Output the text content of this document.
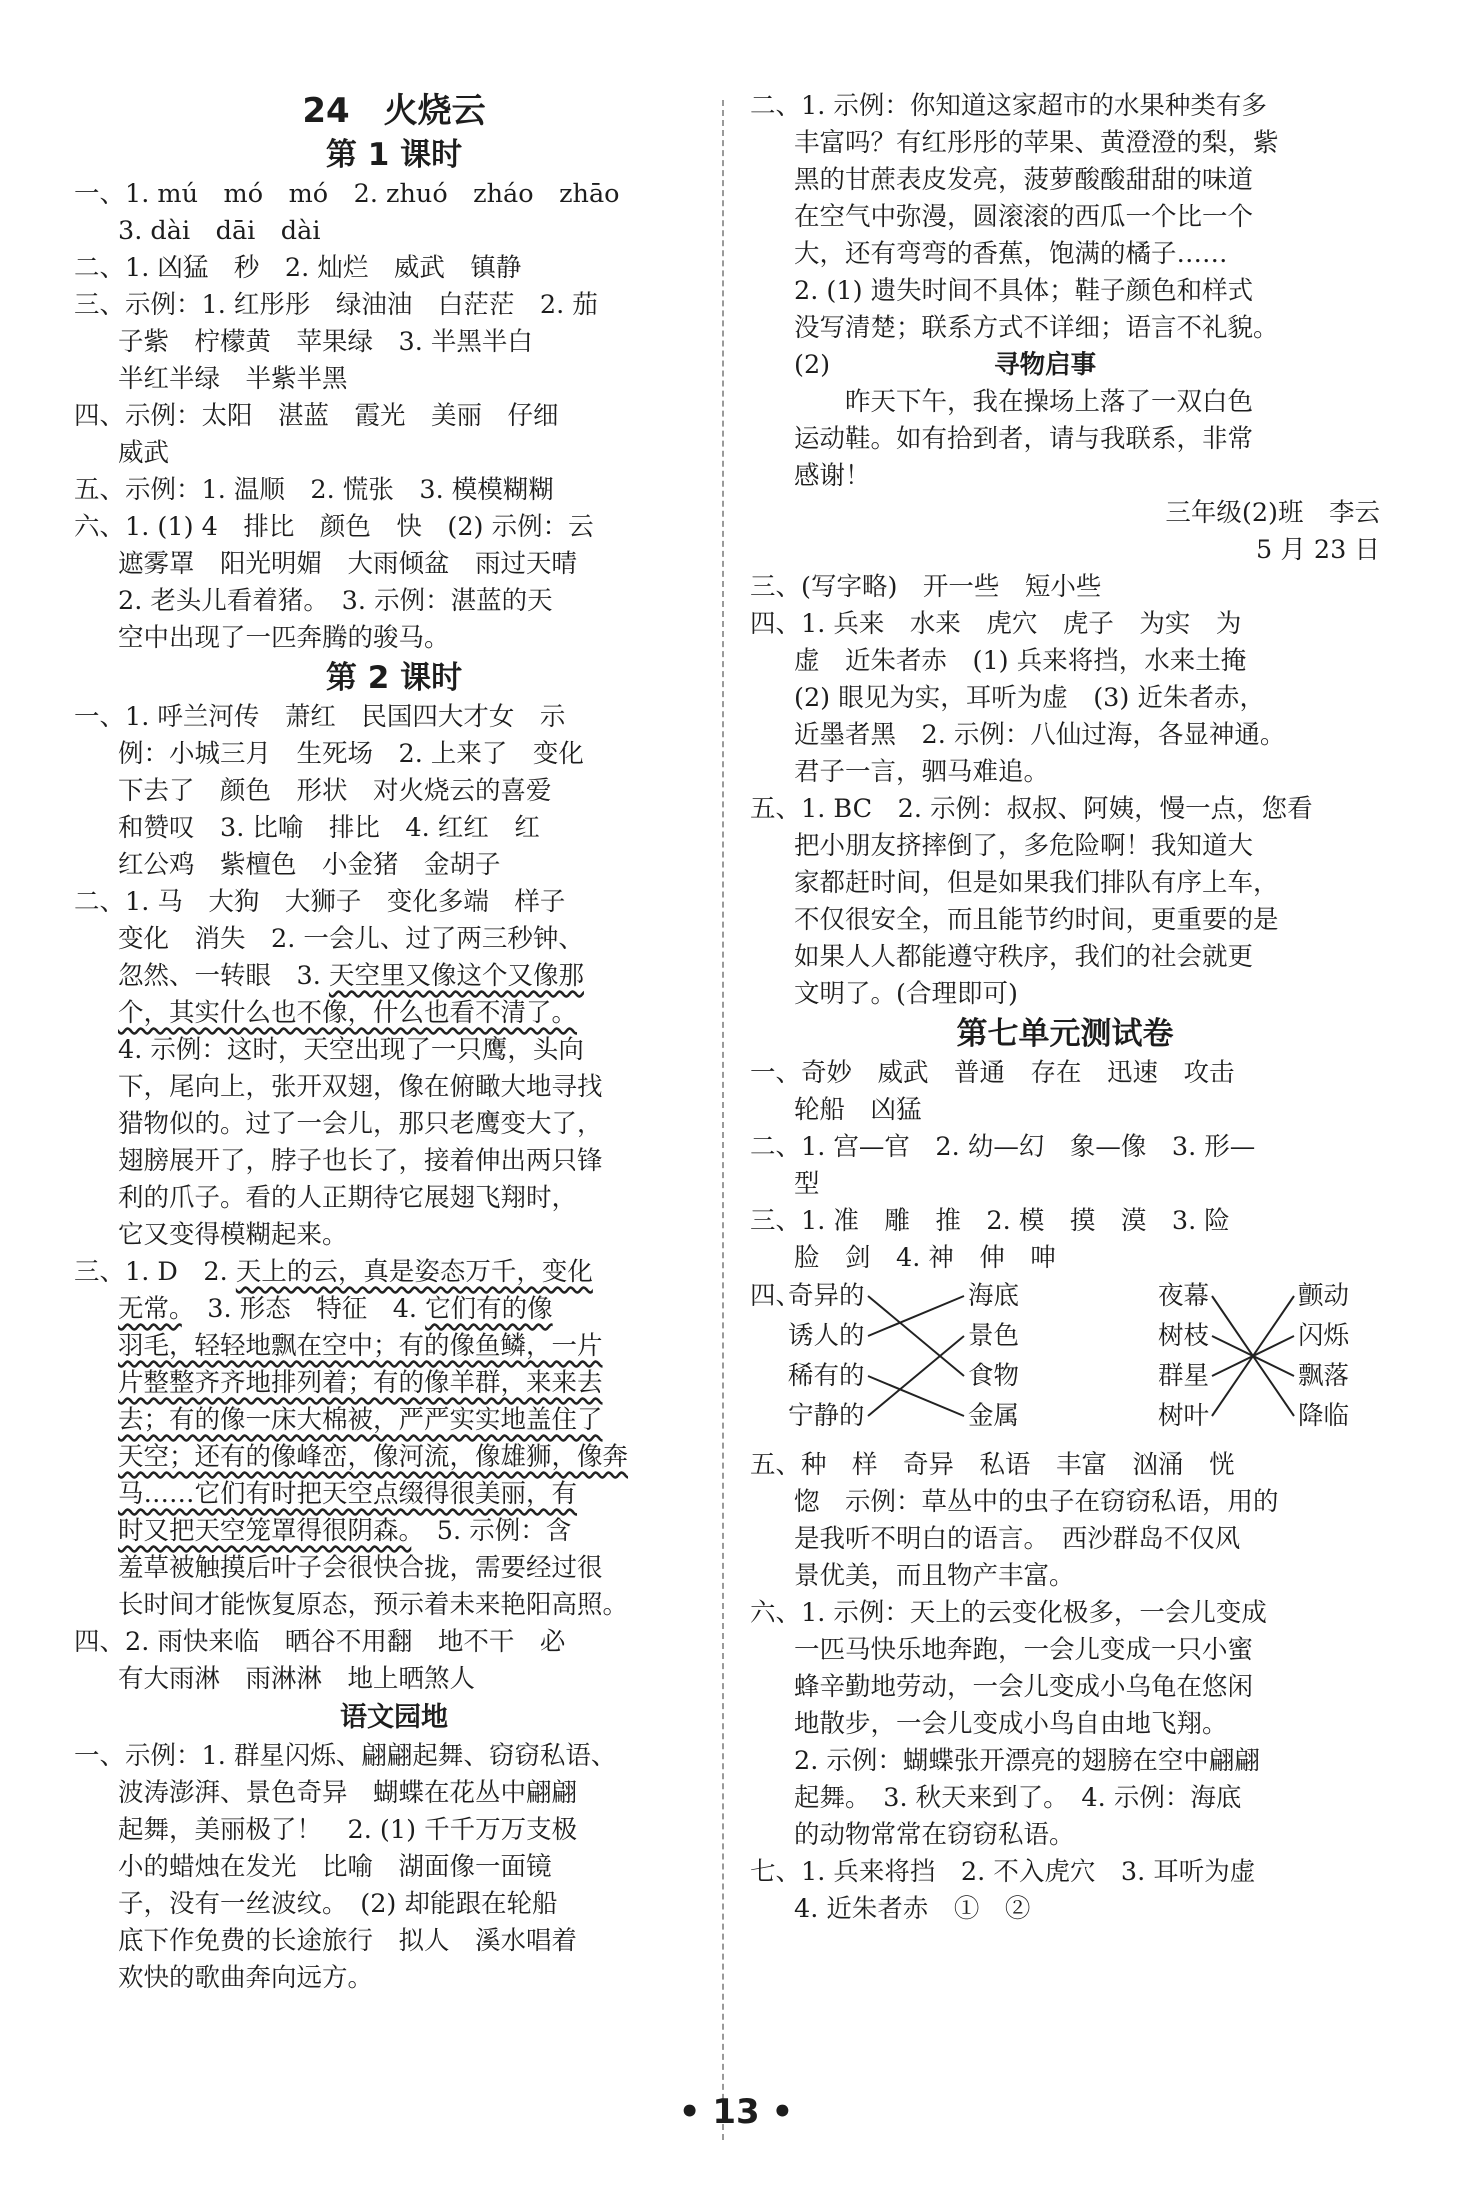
24　火烧云

第 1 课时

一、1. mú　mó　mó　2. zhuó　zháo　zhāo

3. dài　dāi　dài

二、1. 凶猛　秒　2. 灿烂　威武　镇静

三、示例：1. 红彤彤　绿油油　白茫茫　2. 茄

子紫　柠檬黄　苹果绿　3. 半黑半白

半红半绿　半紫半黑

四、示例：太阳　湛蓝　霞光　美丽　仔细

威武

五、示例：1. 温顺　2. 慌张　3. 模模糊糊

六、1. (1) 4　排比　颜色　快　(2) 示例：云

遮雾罩　阳光明媚　大雨倾盆　雨过天晴

2. 老头儿看着猪。　3. 示例：湛蓝的天

空中出现了一匹奔腾的骏马。

第 2 课时

一、1. 呼兰河传　萧红　民国四大才女　示

例：小城三月　生死场　2. 上来了　变化

下去了　颜色　形状　对火烧云的喜爱

和赞叹　3. 比喻　排比　4. 红红　红

红公鸡　紫檀色　小金猪　金胡子

二、1. 马　大狗　大狮子　变化多端　样子

变化　消失　2. 一会儿、过了两三秒钟、

忽然、一转眼　3. 天空里又像这个又像那

个，其实什么也不像，什么也看不清了。

4. 示例：这时，天空出现了一只鹰，头向

下，尾向上，张开双翅，像在俯瞰大地寻找

猎物似的。过了一会儿，那只老鹰变大了，

翅膀展开了，脖子也长了，接着伸出两只锋

利的爪子。看的人正期待它展翅飞翔时，

它又变得模糊起来。

三、1. D　2. 天上的云，真是姿态万千，变化

无常。　3. 形态　特征　4. 它们有的像

羽毛，轻轻地飘在空中；有的像鱼鳞，一片

片整整齐齐地排列着；有的像羊群，来来去

去；有的像一床大棉被，严严实实地盖住了

天空；还有的像峰峦，像河流，像雄狮，像奔

马……它们有时把天空点缀得很美丽，有

时又把天空笼罩得很阴森。　5. 示例：含

羞草被触摸后叶子会很快合拢，需要经过很

长时间才能恢复原态，预示着未来艳阳高照。

四、2. 雨快来临　晒谷不用翻　地不干　必

有大雨淋　雨淋淋　地上晒煞人

语文园地

一、示例：1. 群星闪烁、翩翩起舞、窃窃私语、

波涛澎湃、景色奇异　蝴蝶在花丛中翩翩

起舞，美丽极了！　2. (1) 千千万万支极

小的蜡烛在发光　比喻　湖面像一面镜

子，没有一丝波纹。　(2) 却能跟在轮船

底下作免费的长途旅行　拟人　溪水唱着

欢快的歌曲奔向远方。

二、1. 示例：你知道这家超市的水果种类有多

丰富吗？有红彤彤的苹果、黄澄澄的梨，紫

黑的甘蔗表皮发亮，菠萝酸酸甜甜的味道

在空气中弥漫，圆滚滚的西瓜一个比一个

大，还有弯弯的香蕉，饱满的橘子……

2. (1) 遗失时间不具体；鞋子颜色和样式

没写清楚；联系方式不详细；语言不礼貌。

(2)	寻物启事

　　昨天下午，我在操场上落了一双白色

运动鞋。如有拾到者，请与我联系，非常

感谢！

三年级(2)班　李云

5 月 23 日

三、(写字略)　开一些　短小些

四、1. 兵来　水来　虎穴　虎子　为实　为

虚　近朱者赤　(1) 兵来将挡，水来土掩

(2) 眼见为实，耳听为虚　(3) 近朱者赤，

近墨者黑　2. 示例：八仙过海，各显神通。

君子一言，驷马难追。

五、1. BC　2. 示例：叔叔、阿姨，慢一点，您看

把小朋友挤摔倒了，多危险啊！我知道大

家都赶时间，但是如果我们排队有序上车，

不仅很安全，而且能节约时间，更重要的是

如果人人都能遵守秩序，我们的社会就更

文明了。(合理即可)

第七单元测试卷

一、奇妙　威武　普通　存在　迅速　攻击

轮船　凶猛

二、1. 宫—官　2. 幼—幻　象—像　3. 形—

型

三、1. 准　雕　推　2. 模　摸　漠　3. 险

脸　剑　4. 神　伸　呻

四、
奇异的
诱人的
稀有的
宁静的
海底
景色
食物
金属
夜幕
树枝
群星
树叶
颤动
闪烁
飘落
降临

五、种　样　奇异　私语　丰富　汹涌　恍

惚　示例：草丛中的虫子在窃窃私语，用的

是我听不明白的语言。　西沙群岛不仅风

景优美，而且物产丰富。

六、1. 示例：天上的云变化极多，一会儿变成

一匹马快乐地奔跑，一会儿变成一只小蜜

蜂辛勤地劳动，一会儿变成小乌龟在悠闲

地散步，一会儿变成小鸟自由地飞翔。

2. 示例：蝴蝶张开漂亮的翅膀在空中翩翩

起舞。　3. 秋天来到了。　4. 示例：海底

的动物常常在窃窃私语。

七、1. 兵来将挡　2. 不入虎穴　3. 耳听为虚

4. 近朱者赤　①　②

• 13 •
